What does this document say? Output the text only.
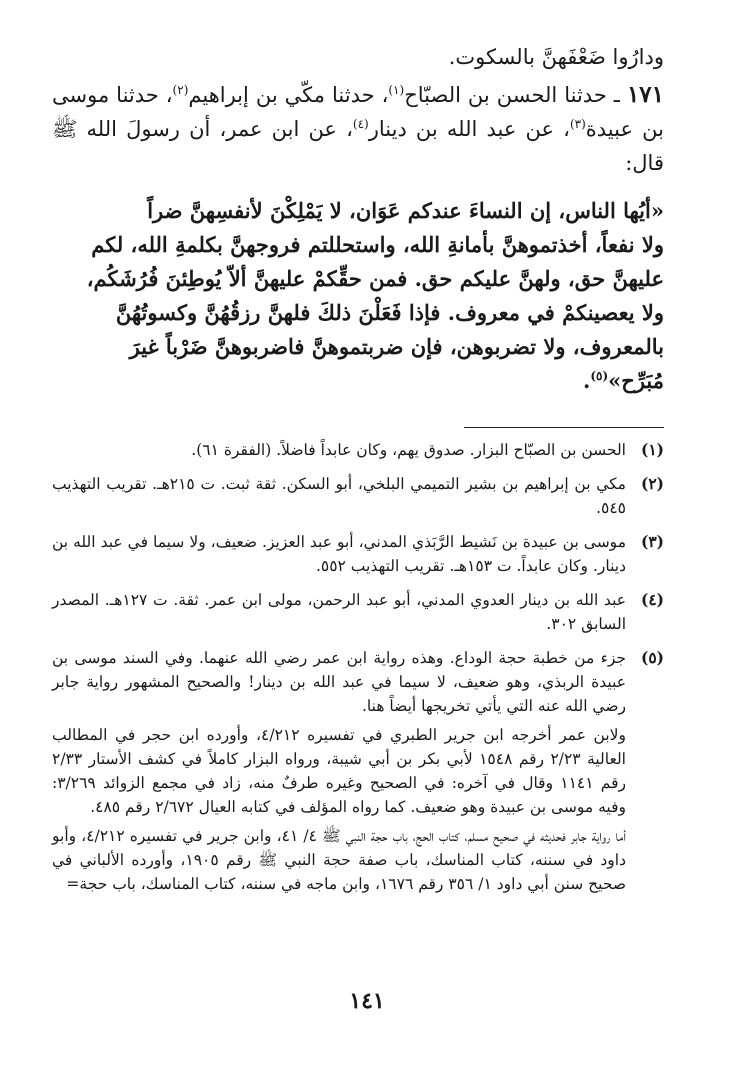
ودارُوا ضَعْفَهنَّ بالسكوت.

١٧١ ـ حدثنا الحسن بن الصبّاح$^{(١)}$، حدثنا مكّي بن إبراهيم$^{(٢)}$، حدثنا موسى بن عبيدة$^{(٣)}$، عن عبد الله بن دينار$^{(٤)}$، عن ابن عمر، أن رسولَ الله ﷺ قال:

«أيُها الناس، إن النساءَ عندكم عَوَان، لا يَمْلِكْنَ لأنفسِهنَّ ضراً

ولا نفعاً، أخذتموهنَّ بأمانةِ الله، واستحللتم فروجهنَّ بكلمةِ الله، لكم

عليهنَّ حق، ولهنَّ عليكم حق. فمن حقِّكمْ عليهنَّ ألاّ يُوطِئنَ فُرُشَكُم،

ولا يعصينكمْ في معروف. فإذا فَعَلْنَ ذلكَ فلهنَّ رزقُهُنَّ وكسوتُهُنَّ

بالمعروف، ولا تضربوهن، فإن ضربتموهنَّ فاضربوهنَّ ضَرْباً غيرَ

مُبَرِّح»$^{(٥)}$.

(١)

الحسن بن الصبّاح البزار. صدوق يهم، وكان عابداً فاضلاً. (الفقرة ٦١).

(٢)

مكي بن إبراهيم بن بشير التميمي البلخي، أبو السكن. ثقة ثبت. ت ٢١٥هـ. تقريب التهذيب ٥٤٥.

(٣)

موسى بن عبيدة بن نَشيط الرَّبَذي المدني، أبو عبد العزيز. ضعيف، ولا سيما في عبد الله بن دينار. وكان عابداً. ت ١٥٣هـ. تقريب التهذيب ٥٥٢.

(٤)

عبد الله بن دينار العدوي المدني، أبو عبد الرحمن، مولى ابن عمر. ثقة. ت ١٢٧هـ. المصدر السابق ٣٠٢.

(٥)

جزء من خطبة حجة الوداع. وهذه رواية ابن عمر رضي الله عنهما. وفي السند موسى بن عبيدة الربذي، وهو ضعيف، لا سيما في عبد الله بن دينار! والصحيح المشهور رواية جابر رضي الله عنه التي يأتي تخريجها أيضاً هنا.

ولابن عمر أخرجه ابن جرير الطبري في تفسيره ٤/٢١٢، وأورده ابن حجر في المطالب العالية ٢/٢٣ رقم ١٥٤٨ لأبي بكر بن أبي شيبة، ورواه البزار كاملاً في كشف الأستار ٢/٣٣ رقم ١١٤١ وقال في آخره: في الصحيح وغيره طرفٌ منه، زاد في مجمع الزوائد ٣/٢٦٩: وفيه موسى بن عبيدة وهو ضعيف. كما رواه المؤلف في كتابه العيال ٢/٦٧٢ رقم ٤٨٥.

أما رواية جابر فحديثه في صحيح مسلم، كتاب الحج، باب حجة النبي ﷺ ٤/ ٤١، وابن جرير في تفسيره ٤/٢١٢، وأبو داود في سننه، كتاب المناسك، باب صفة حجة النبي ﷺ رقم ١٩٠٥، وأورده الألباني في صحيح سنن أبي داود ١/ ٣٥٦ رقم ١٦٧٦، وابن ماجه في سننه، كتاب المناسك، باب حجة=

١٤١
